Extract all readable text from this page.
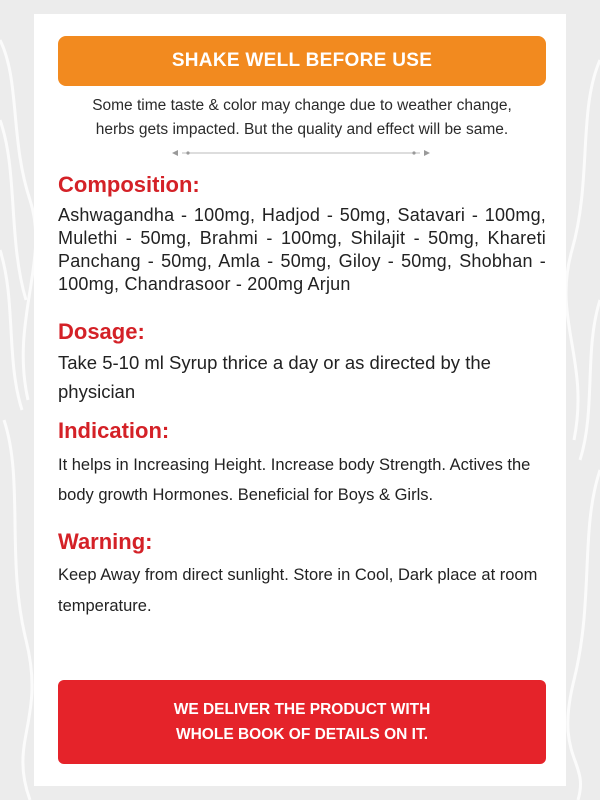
SHAKE WELL BEFORE USE
Some time taste & color may change due to weather change,
herbs gets impacted. But the quality and effect will be same.
Composition:
Ashwagandha - 100mg, Hadjod - 50mg, Satavari - 100mg, Mulethi - 50mg, Brahmi - 100mg, Shilajit - 50mg, Khareti Panchang - 50mg, Amla - 50mg, Giloy - 50mg, Shobhan - 100mg, Chandrasoor - 200mg Arjun
Dosage:
Take 5-10 ml Syrup thrice a day or as directed by the physician
Indication:
It helps in Increasing Height. Increase body Strength. Actives the body growth Hormones. Beneficial for Boys & Girls.
Warning:
Keep Away from direct sunlight. Store in Cool, Dark place at room temperature.
WE DELIVER THE PRODUCT WITH
WHOLE BOOK OF DETAILS ON IT.
